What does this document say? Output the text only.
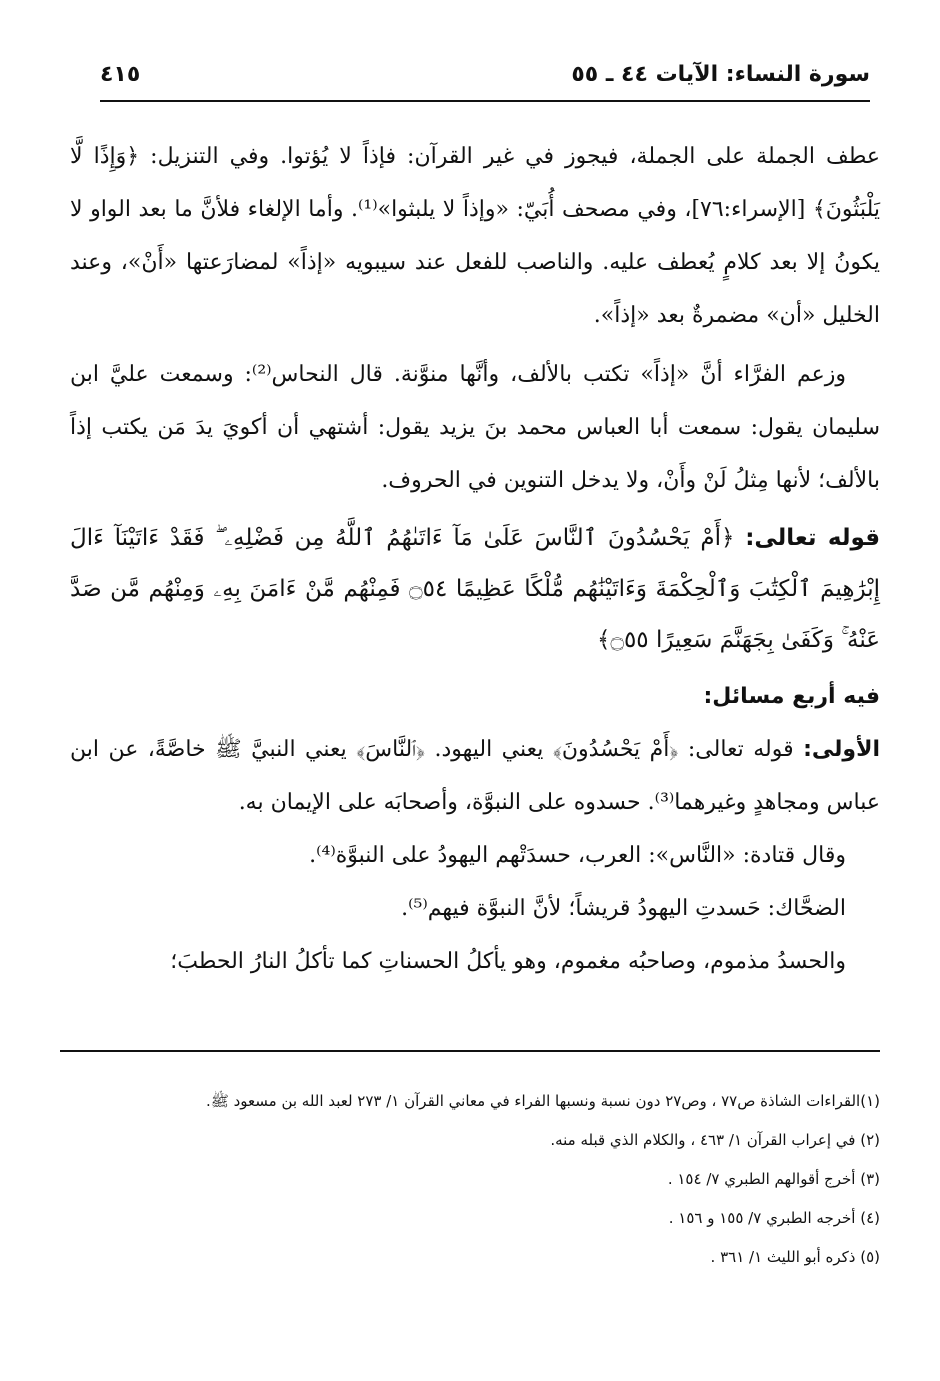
سورة النساء: الآيات ٤٤ ـ ٥٥
٤١٥

عطف الجملة على الجملة، فيجوز في غير القرآن: فإذاً لا يُؤتوا. وفي التنزيل: ﴿وَإِذًا لَّا يَلْبَثُونَ﴾ [الإسراء:٧٦]، وفي مصحف أُبَيّ: «وإذاً لا يلبثوا»⁽¹⁾. وأما الإلغاء فلأنَّ ما بعد الواو لا يكونُ إلا بعد كلامٍ يُعطف عليه. والناصب للفعل عند سيبويه «إذاً» لمضارَعتها «أَنْ»، وعند الخليل «أن» مضمرةٌ بعد «إذاً».

وزعم الفرَّاء أنَّ «إذاً» تكتب بالألف، وأنَّها منوَّنة. قال النحاس⁽²⁾: وسمعت عليَّ ابن سليمان يقول: سمعت أبا العباس محمد بنَ يزيد يقول: أشتهي أن أكويَ يدَ مَن يكتب إذاً بالألف؛ لأنها مِثلُ لَنْ وأَنْ، ولا يدخل التنوين في الحروف.

قوله تعالى: ﴿أَمْ يَحْسُدُونَ ٱلنَّاسَ عَلَىٰ مَآ ءَاتَىٰهُمُ ٱللَّهُ مِن فَضْلِهِۦ ۖ فَقَدْ ءَاتَيْنَآ ءَالَ إِبْرَٰهِيمَ ٱلْكِتَٰبَ وَٱلْحِكْمَةَ وَءَاتَيْنَٰهُم مُّلْكًا عَظِيمًا ۝٥٤ فَمِنْهُم مَّنْ ءَامَنَ بِهِۦ وَمِنْهُم مَّن صَدَّ عَنْهُ ۚ وَكَفَىٰ بِجَهَنَّمَ سَعِيرًا ۝٥٥﴾

فيه أربع مسائل:

الأولى: قوله تعالى: ﴿أَمْ يَحْسُدُونَ﴾ يعني اليهود. ﴿ٱلنَّاسَ﴾ يعني النبيَّ ﷺ خاصَّةً، عن ابن عباس ومجاهدٍ وغيرهما⁽³⁾. حسدوه على النبوَّة، وأصحابَه على الإيمان به.

وقال قتادة: «النَّاس»: العرب، حسدَتْهم اليهودُ على النبوَّة⁽⁴⁾.

الضحَّاك: حَسدتِ اليهودُ قريشاً؛ لأنَّ النبوَّة فيهم⁽⁵⁾.

والحسدُ مذموم، وصاحبُه مغموم، وهو يأكلُ الحسناتِ كما تأكلُ النارُ الحطبَ؛

(١)القراءات الشاذة ص٧٧ ، وص٢٧ دون نسبة ونسبها الفراء في معاني القرآن ١/ ٢٧٣ لعبد الله بن مسعود ﷺ.

(٢) في إعراب القرآن ١/ ٤٦٣ ، والكلام الذي قبله منه.

(٣) أخرج أقوالهم الطبري ٧/ ١٥٤ .

(٤) أخرجه الطبري ٧/ ١٥٥ و ١٥٦ .

(٥) ذكره أبو الليث ١/ ٣٦١ .
